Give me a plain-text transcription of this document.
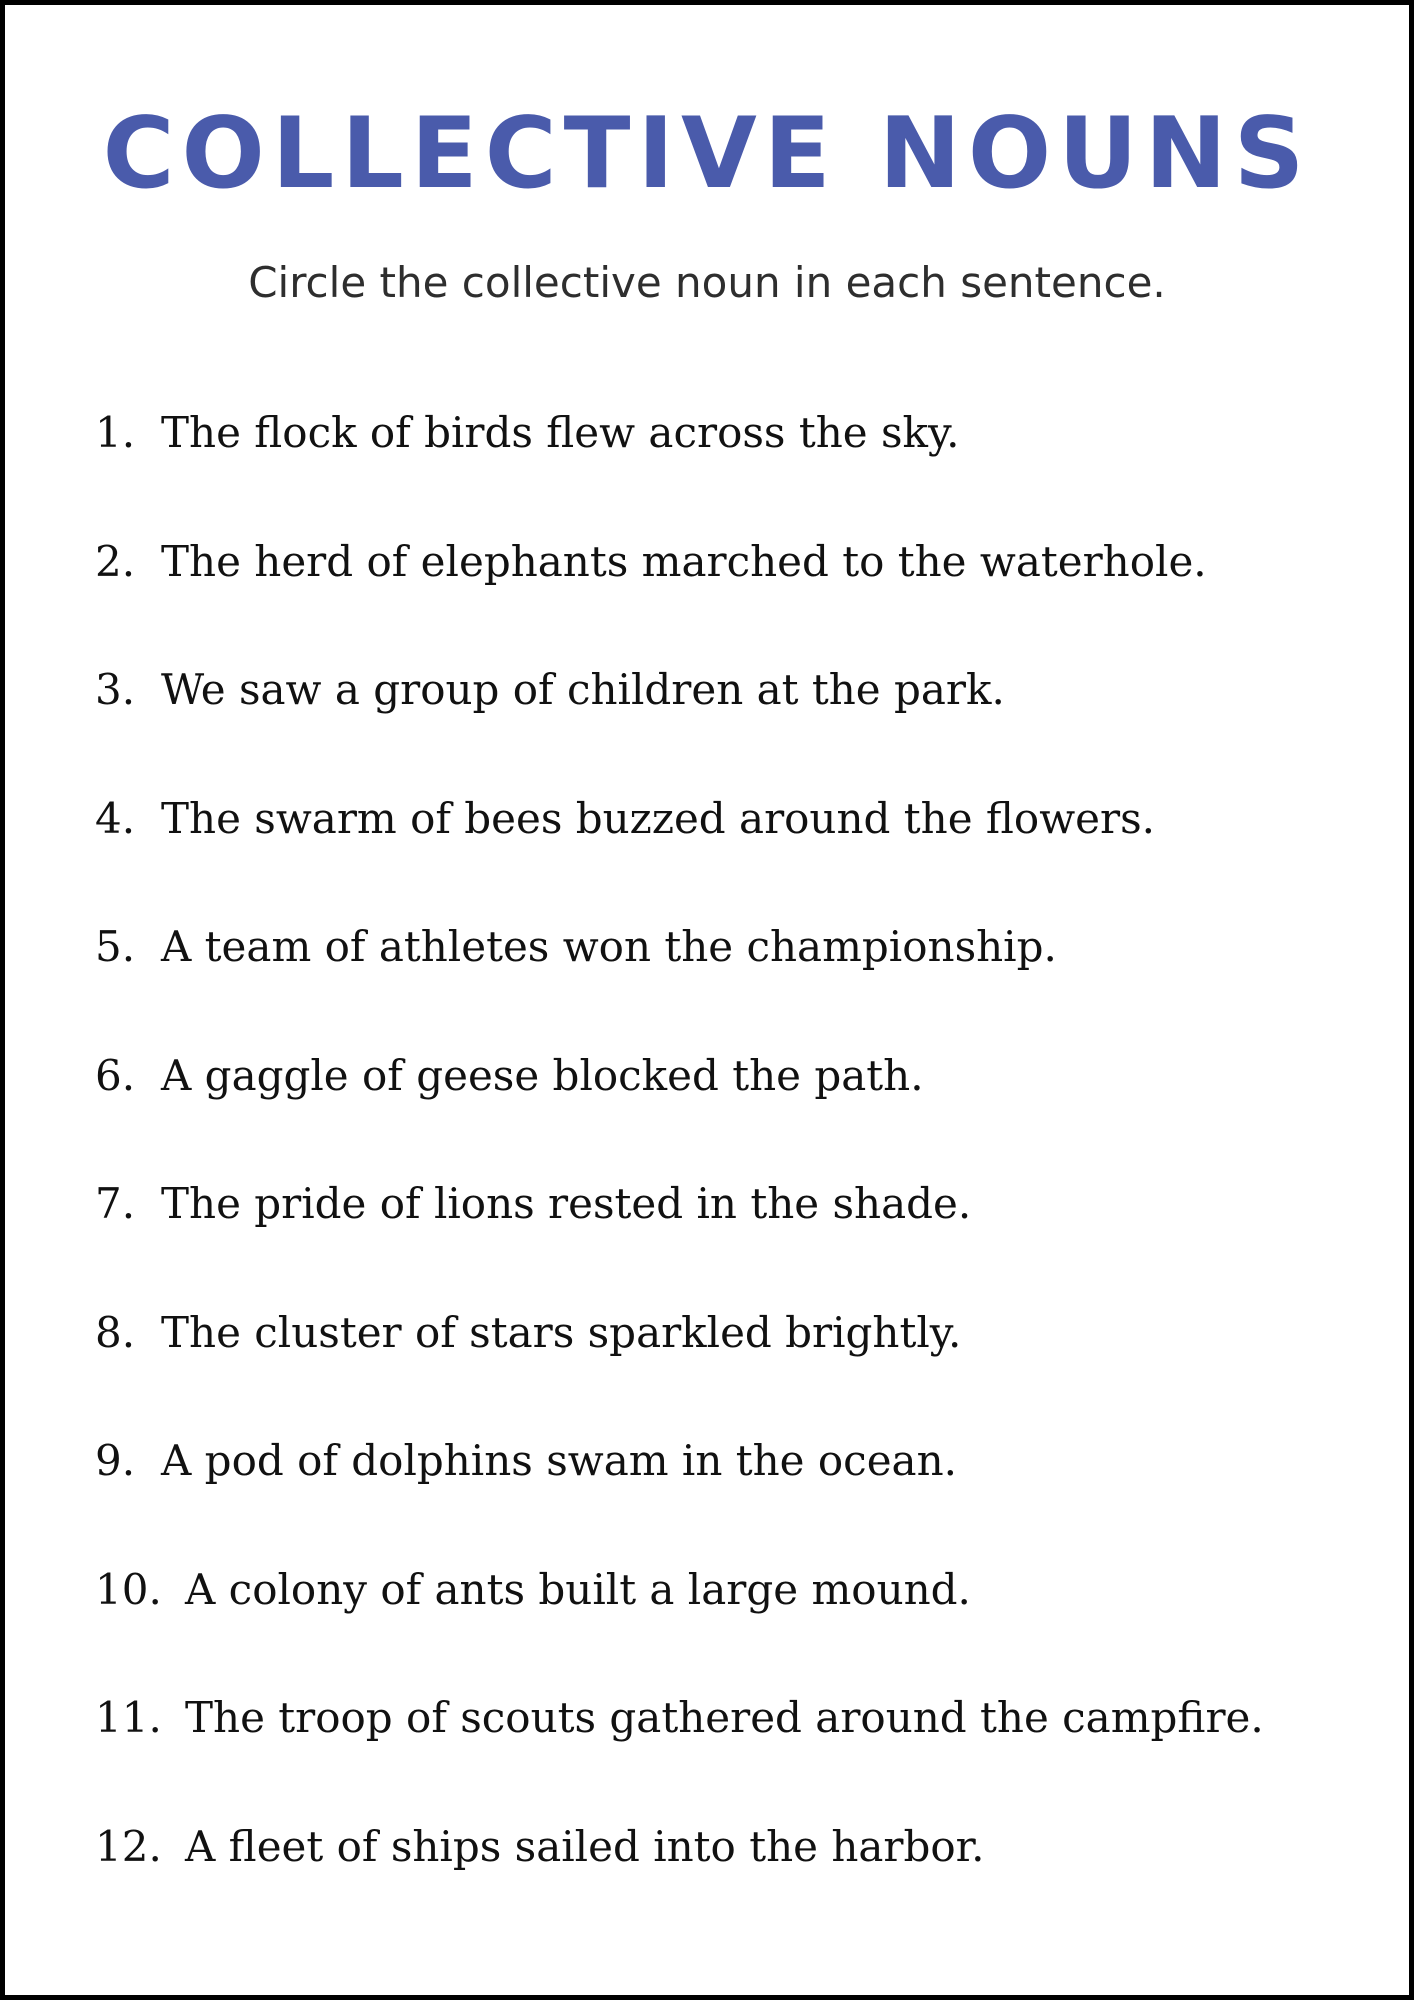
COLLECTIVE NOUNS

Circle the collective noun in each sentence.

1. The flock of birds flew across the sky.
2. The herd of elephants marched to the waterhole.
3. We saw a group of children at the park.
4. The swarm of bees buzzed around the flowers.
5. A team of athletes won the championship.
6. A gaggle of geese blocked the path.
7. The pride of lions rested in the shade.
8. The cluster of stars sparkled brightly.
9. A pod of dolphins swam in the ocean.
10. A colony of ants built a large mound.
11. The troop of scouts gathered around the campfire.
12. A fleet of ships sailed into the harbor.
